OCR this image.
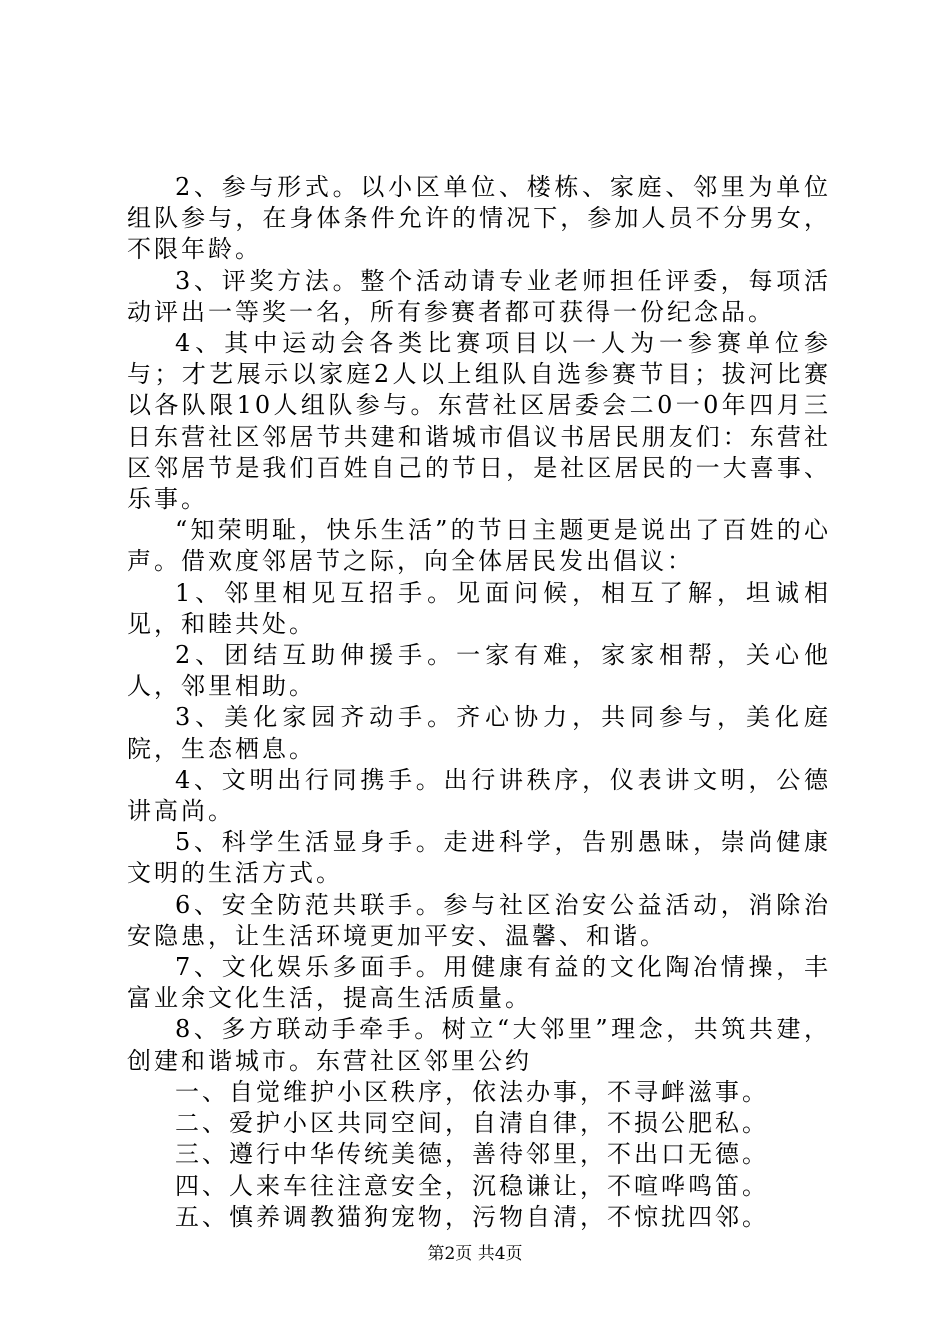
2、参与形式。以小区单位、楼栋、家庭、邻里为单位组队参与，在身体条件允许的情况下，参加人员不分男女，不限年龄。

3、评奖方法。整个活动请专业老师担任评委，每项活动评出一等奖一名，所有参赛者都可获得一份纪念品。

4、其中运动会各类比赛项目以一人为一参赛单位参与；才艺展示以家庭2人以上组队自选参赛节目；拔河比赛以各队限10人组队参与。东营社区居委会二0一0年四月三日东营社区邻居节共建和谐城市倡议书居民朋友们：东营社区邻居节是我们百姓自己的节日，是社区居民的一大喜事、乐事。

“知荣明耻，快乐生活”的节日主题更是说出了百姓的心声。借欢度邻居节之际，向全体居民发出倡议：

1、邻里相见互招手。见面问候，相互了解，坦诚相见，和睦共处。

2、团结互助伸援手。一家有难，家家相帮，关心他人，邻里相助。

3、美化家园齐动手。齐心协力，共同参与，美化庭院，生态栖息。

4、文明出行同携手。出行讲秩序，仪表讲文明，公德讲高尚。

5、科学生活显身手。走进科学，告别愚昧，崇尚健康文明的生活方式。

6、安全防范共联手。参与社区治安公益活动，消除治安隐患，让生活环境更加平安、温馨、和谐。

7、文化娱乐多面手。用健康有益的文化陶冶情操，丰富业余文化生活，提高生活质量。

8、多方联动手牵手。树立“大邻里”理念，共筑共建，创建和谐城市。东营社区邻里公约

一、自觉维护小区秩序，依法办事，不寻衅滋事。

二、爱护小区共同空间，自清自律，不损公肥私。

三、遵行中华传统美德，善待邻里，不出口无德。

四、人来车往注意安全，沉稳谦让，不喧哗鸣笛。

五、慎养调教猫狗宠物，污物自清，不惊扰四邻。

第2页 共4页
